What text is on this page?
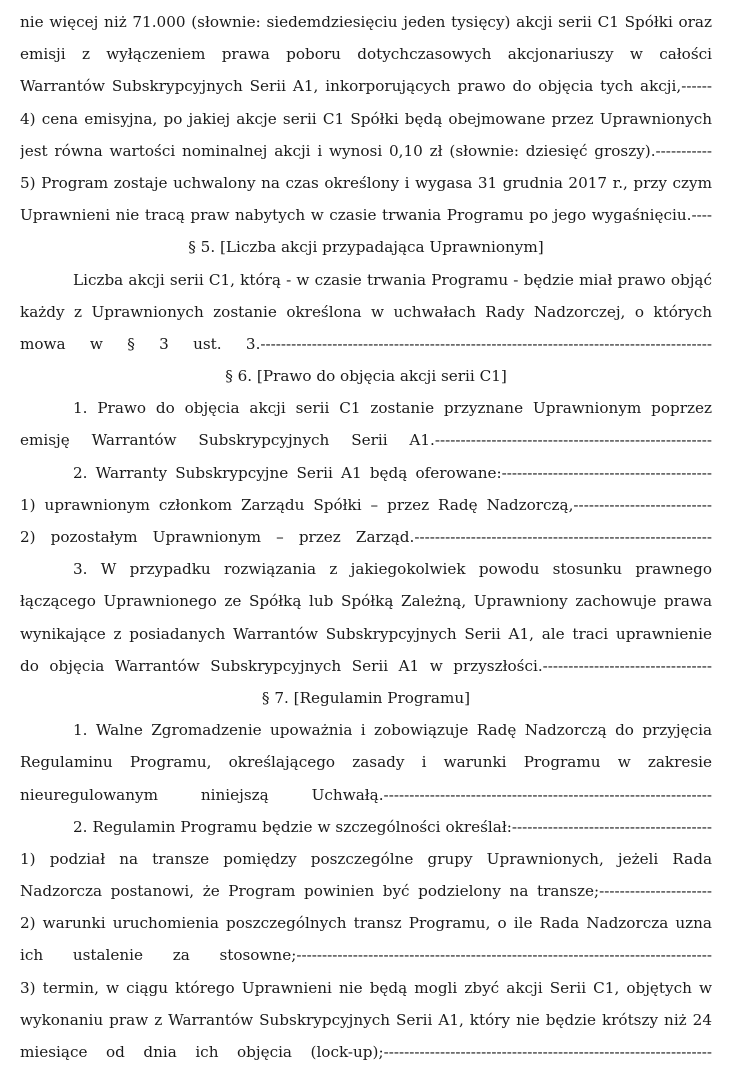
nie więcej niż 71.000 (słownie: siedemdziesięciu jeden tysięcy) akcji serii C1 Spółki oraz
emisji z wyłączeniem prawa poboru dotychczasowych akcjonariuszy w całości
Warrantów Subskrypcyjnych Serii A1, inkorporujących prawo do objęcia tych akcji,------
4) cena emisyjna, po jakiej akcje serii C1 Spółki będą obejmowane przez Uprawnionych
jest równa wartości nominalnej akcji i wynosi 0,10 zł (słownie: dziesięć groszy).-----------
5) Program zostaje uchwalony na czas określony i wygasa 31 grudnia 2017 r., przy czym
Uprawnieni nie tracą praw nabytych w czasie trwania Programu po jego wygaśnięciu.----
§ 5. [Liczba akcji przypadająca Uprawnionym]
Liczba akcji serii C1, którą - w czasie trwania Programu - będzie miał prawo objąć
każdy z Uprawnionych zostanie określona w uchwałach Rady Nadzorczej, o których
mowa w § 3 ust. 3.----------------------------------------------------------------------------------------
§ 6. [Prawo do objęcia akcji serii C1]
1. Prawo do objęcia akcji serii C1 zostanie przyznane Uprawnionym poprzez
emisję Warrantów Subskrypcyjnych Serii A1.------------------------------------------------------
2. Warranty Subskrypcyjne Serii A1 będą oferowane:-----------------------------------------
1) uprawnionym członkom Zarządu Spółki – przez Radę Nadzorczą,---------------------------
2) pozostałym Uprawnionym – przez Zarząd.----------------------------------------------------------
3. W przypadku rozwiązania z jakiegokolwiek powodu stosunku prawnego
łączącego Uprawnionego ze Spółką lub Spółką Zależną, Uprawniony zachowuje prawa
wynikające z posiadanych Warrantów Subskrypcyjnych Serii A1, ale traci uprawnienie
do objęcia Warrantów Subskrypcyjnych Serii A1 w przyszłości.---------------------------------
§ 7. [Regulamin Programu]
1. Walne Zgromadzenie upoważnia i zobowiązuje Radę Nadzorczą do przyjęcia
Regulaminu Programu, określającego zasady i warunki Programu w zakresie
nieuregulowanym niniejszą Uchwałą.----------------------------------------------------------------
2. Regulamin Programu będzie w szczególności określał:---------------------------------------
1) podział na transze pomiędzy poszczególne grupy Uprawnionych, jeżeli Rada
Nadzorcza postanowi, że Program powinien być podzielony na transze;----------------------
2) warunki uruchomienia poszczególnych transz Programu, o ile Rada Nadzorcza uzna
ich ustalenie za stosowne;---------------------------------------------------------------------------------
3) termin, w ciągu którego Uprawnieni nie będą mogli zbyć akcji Serii C1, objętych w
wykonaniu praw z Warrantów Subskrypcyjnych Serii A1, który nie będzie krótszy niż 24
miesiące od dnia ich objęcia (lock-up);----------------------------------------------------------------
